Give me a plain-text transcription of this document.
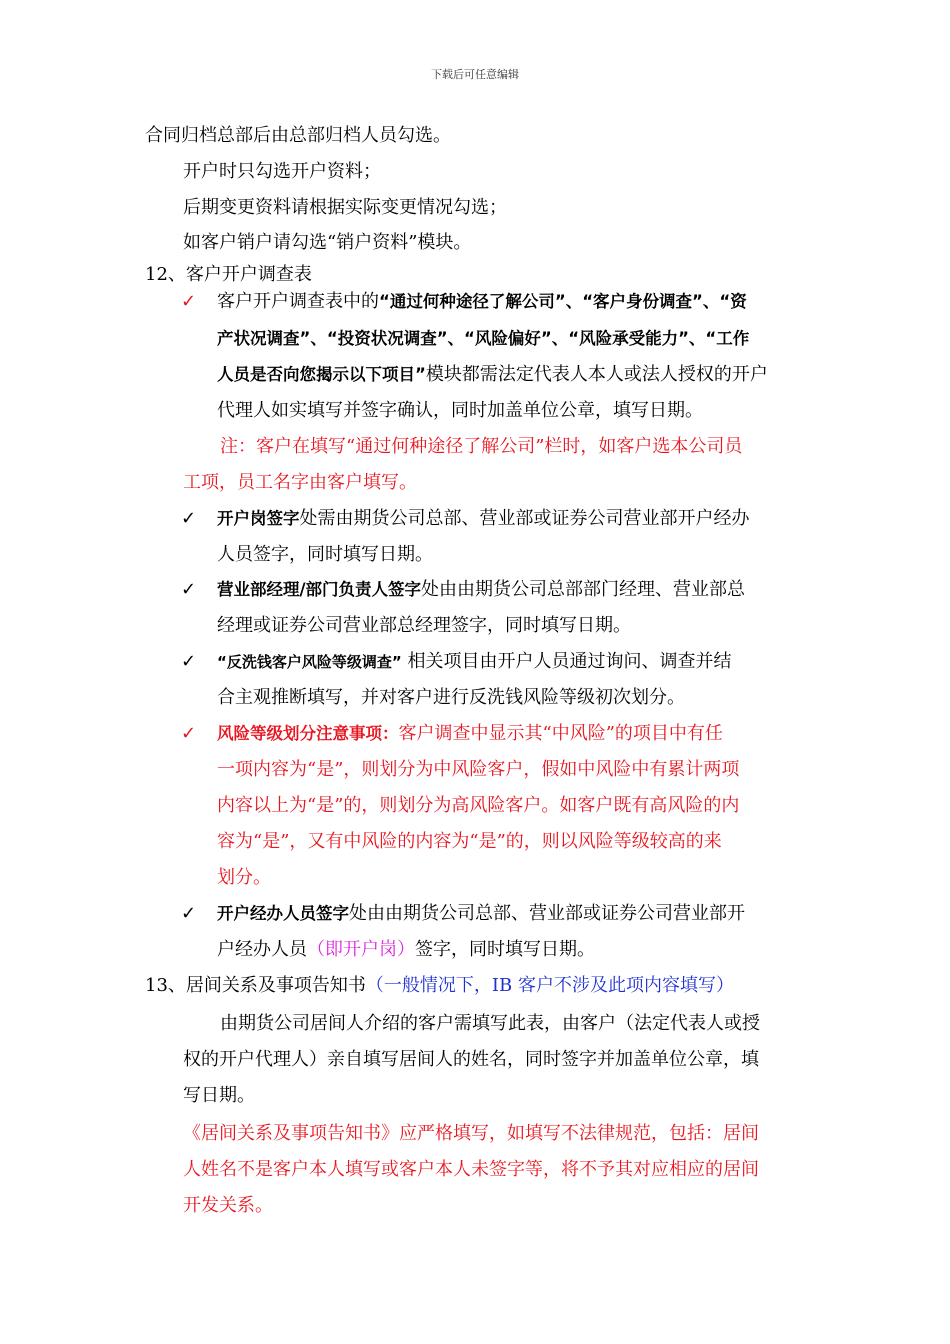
下载后可任意编辑
合同归档总部后由总部归档人员勾选。
开户时只勾选开户资料；
后期变更资料请根据实际变更情况勾选；
如客户销户请勾选“销户资料”模块。
12、客户开户调查表
✓ 客户开户调查表中的“通过何种途径了解公司”、“客户身份调查”、“资
产状况调查”、“投资状况调查”、“风险偏好”、“风险承受能力”、“工作
人员是否向您揭示以下项目”模块都需法定代表人本人或法人授权的开户
代理人如实填写并签字确认，同时加盖单位公章，填写日期。
注：客户在填写“通过何种途径了解公司”栏时，如客户选本公司员
工项，员工名字由客户填写。
✓ 开户岗签字处需由期货公司总部、营业部或证券公司营业部开户经办
人员签字，同时填写日期。
✓ 营业部经理/部门负责人签字处由由期货公司总部部门经理、营业部总
经理或证券公司营业部总经理签字，同时填写日期。
✓ “反洗钱客户风险等级调查” 相关项目由开户人员通过询问、调查并结
合主观推断填写，并对客户进行反洗钱风险等级初次划分。
✓ 风险等级划分注意事项：客户调查中显示其“中风险”的项目中有任
一项内容为“是”，则划分为中风险客户，假如中风险中有累计两项
内容以上为“是”的，则划分为高风险客户。如客户既有高风险的内
容为“是”，又有中风险的内容为“是”的，则以风险等级较高的来
划分。
✓ 开户经办人员签字处由由期货公司总部、营业部或证券公司营业部开
户经办人员（即开户岗）签字，同时填写日期。
13、居间关系及事项告知书（一般情况下，IB 客户不涉及此项内容填写）
由期货公司居间人介绍的客户需填写此表，由客户（法定代表人或授
权的开户代理人）亲自填写居间人的姓名，同时签字并加盖单位公章，填
写日期。
《居间关系及事项告知书》应严格填写，如填写不法律规范，包括：居间
人姓名不是客户本人填写或客户本人未签字等，将不予其对应相应的居间
开发关系。
